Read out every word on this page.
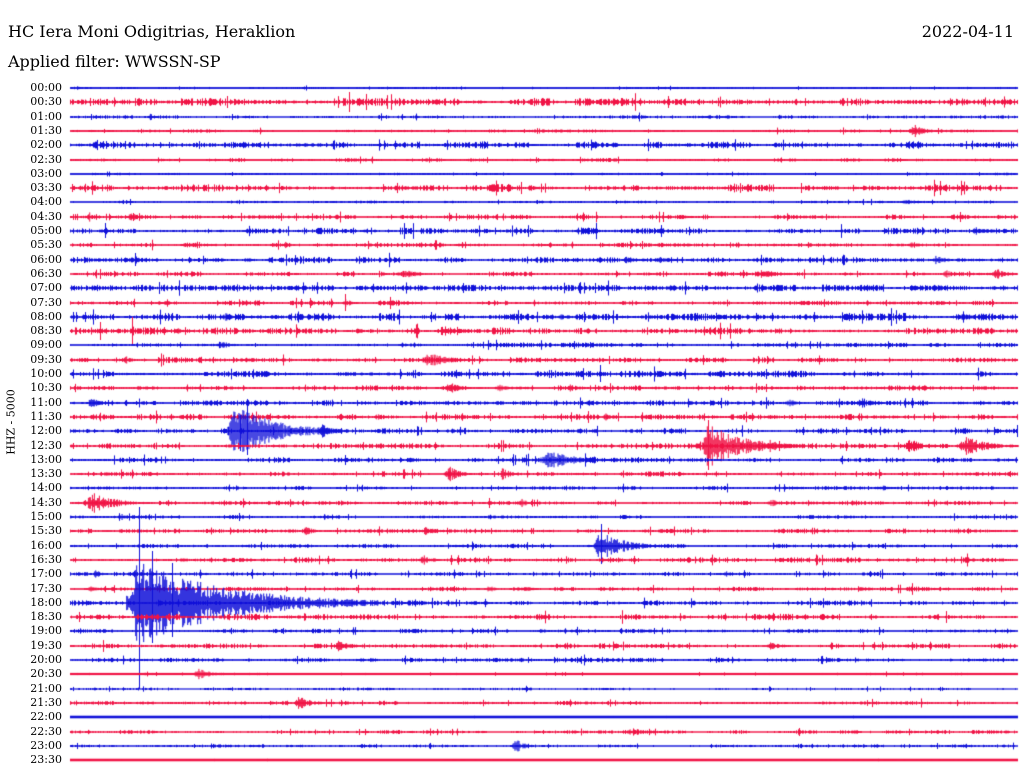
HC Iera Moni Odigitrias, Heraklion	2022-04-11
Applied filter: WWSSN-SP
HHZ - 5000
00:00
00:30
01:00
01:30
02:00
02:30
03:00
03:30
04:00
04:30
05:00
05:30
06:00
06:30
07:00
07:30
08:00
08:30
09:00
09:30
10:00
10:30
11:00
11:30
12:00
12:30
13:00
13:30
14:00
14:30
15:00
15:30
16:00
16:30
17:00
17:30
18:00
18:30
19:00
19:30
20:00
20:30
21:00
21:30
22:00
22:30
23:00
23:30
